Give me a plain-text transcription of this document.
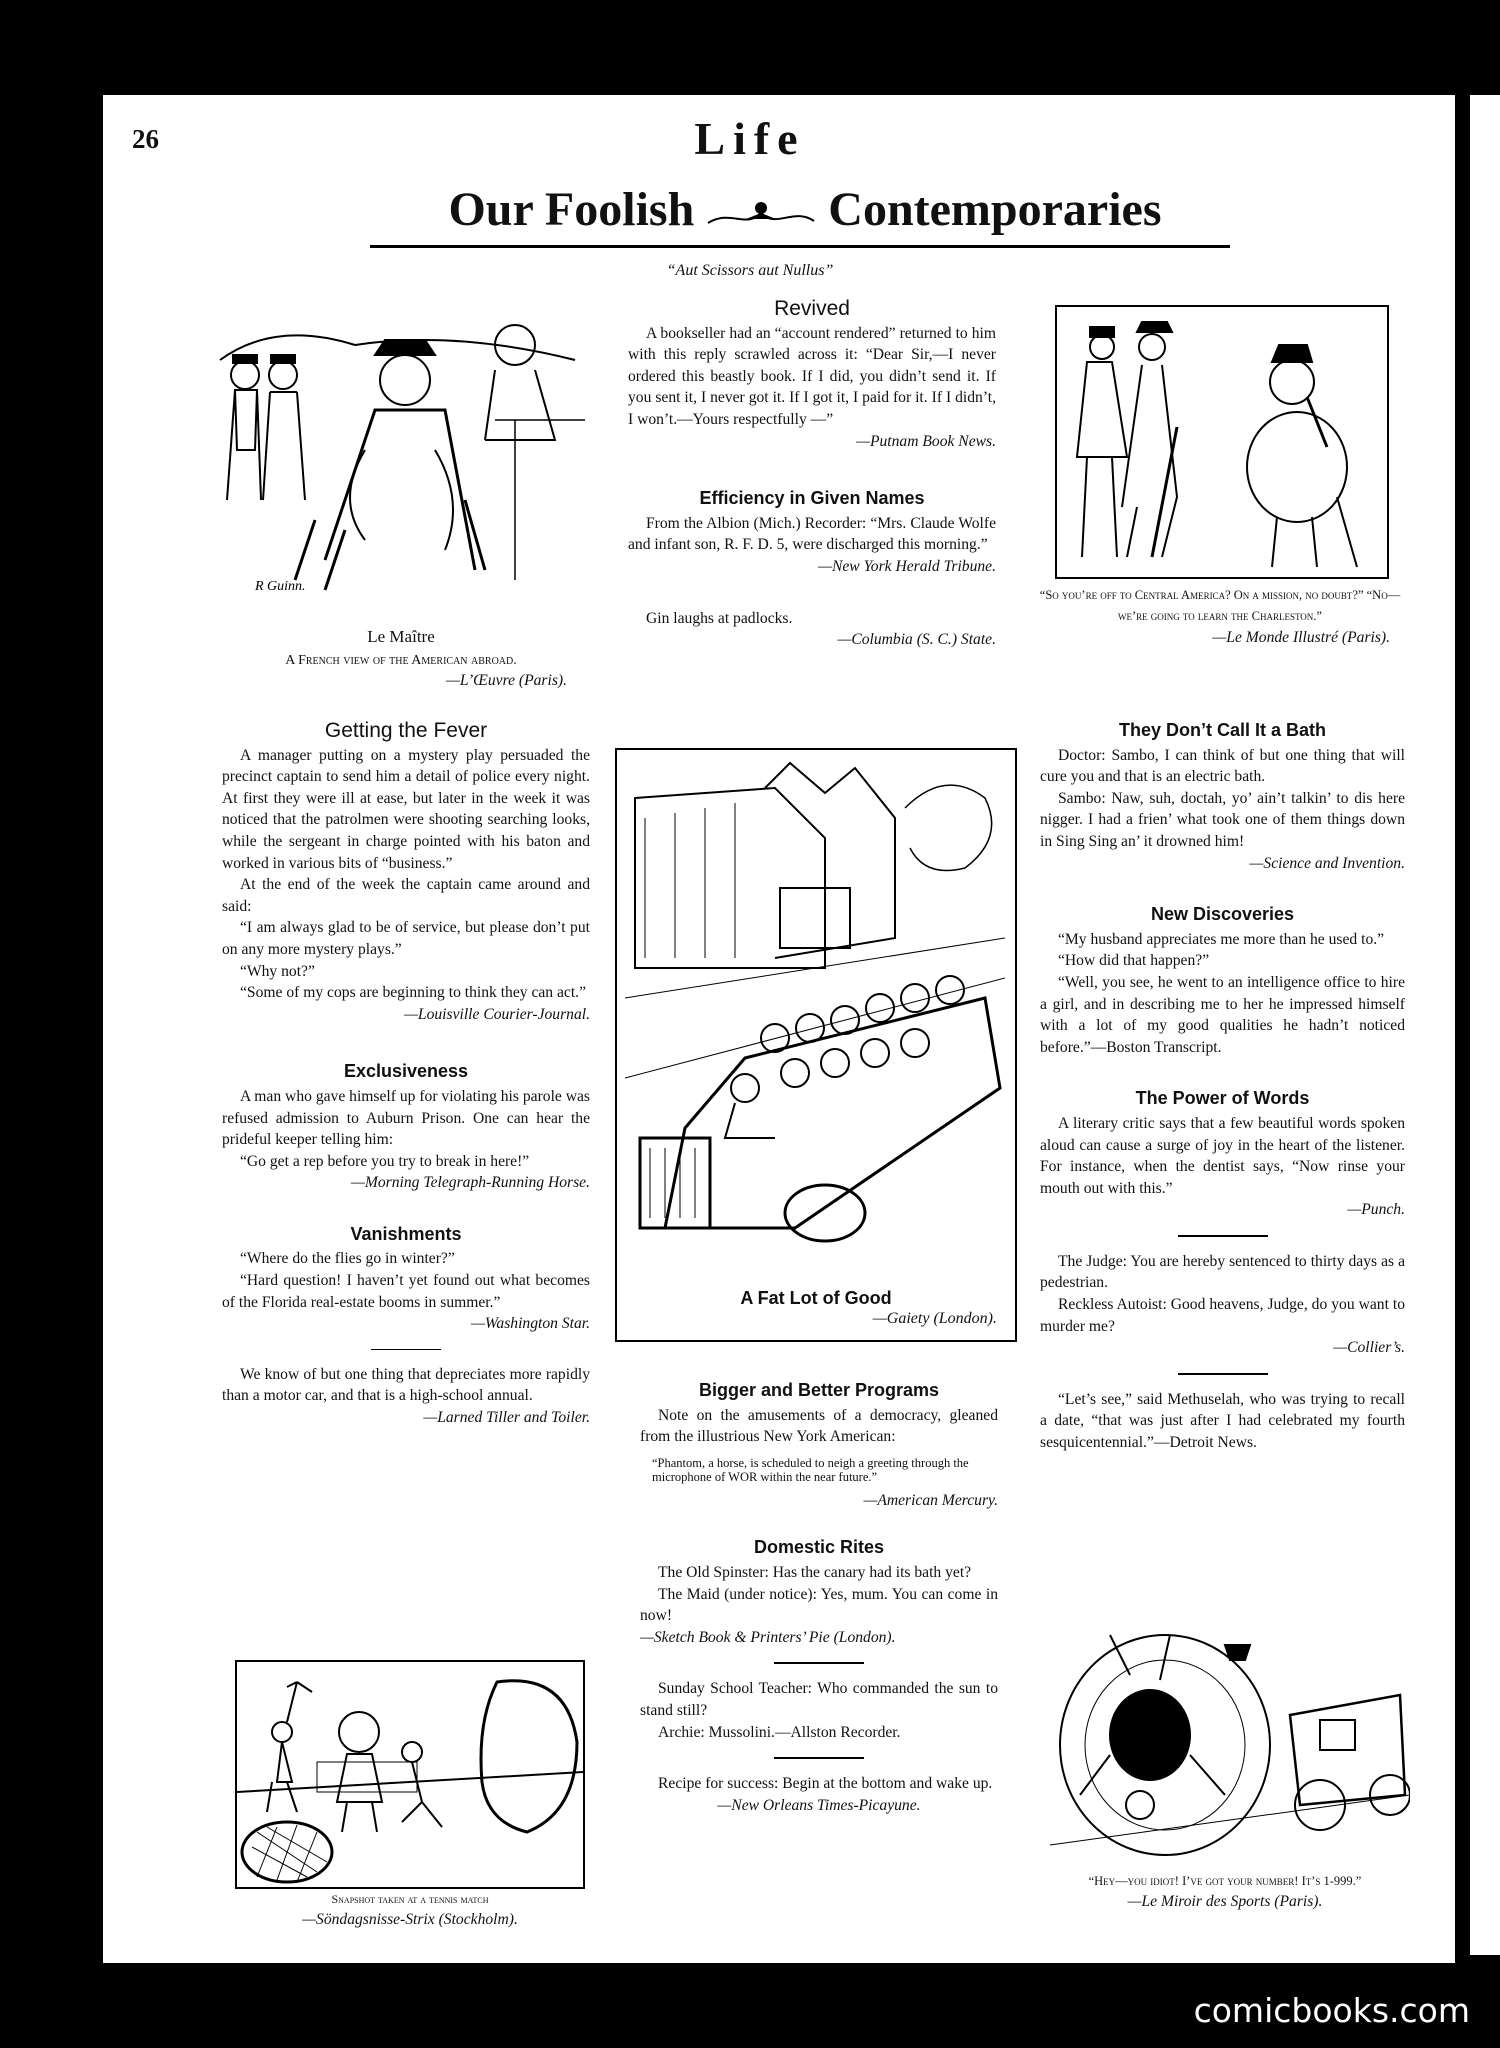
26	Life
Our Foolish	Contemporaries
“Aut Scissors aut Nullus”
R Guinn.
Le Maître
A French view of the American abroad.
—L’Œuvre (Paris).
Getting the Fever

A manager putting on a mystery play persuaded the precinct captain to send him a detail of police every night. At first they were ill at ease, but later in the week it was noticed that the patrolmen were shooting searching looks, while the sergeant in charge pointed with his baton and worked in various bits of “business.”

At the end of the week the captain came around and said:

“I am always glad to be of service, but please don’t put on any more mystery plays.”

“Why not?”

“Some of my cops are beginning to think they can act.”

—Louisville Courier-Journal.
Exclusiveness

A man who gave himself up for violating his parole was refused admission to Auburn Prison. One can hear the prideful keeper telling him:

“Go get a rep before you try to break in here!”

—Morning Telegraph-Running Horse.
Vanishments

“Where do the flies go in winter?”

“Hard question! I haven’t yet found out what becomes of the Florida real-estate booms in summer.”

—Washington Star.

We know of but one thing that depreciates more rapidly than a motor car, and that is a high-school annual.

—Larned Tiller and Toiler.
Snapshot taken at a tennis match
—Söndagsnisse-Strix (Stockholm).
Revived

A bookseller had an “account rendered” returned to him with this reply scrawled across it: “Dear Sir,—I never ordered this beastly book. If I did, you didn’t send it. If you sent it, I never got it. If I got it, I paid for it. If I didn’t, I won’t.—Yours respectfully —”

—Putnam Book News.
Efficiency in Given Names

From the Albion (Mich.) Recorder: “Mrs. Claude Wolfe and infant son, R. F. D. 5, were discharged this morning.”

—New York Herald Tribune.

Gin laughs at padlocks.

—Columbia (S. C.) State.
A Fat Lot of Good
—Gaiety (London).
Bigger and Better Programs

Note on the amusements of a democracy, gleaned from the illustrious New York American:

“Phantom, a horse, is scheduled to neigh a greeting through the microphone of WOR within the near future.”
—American Mercury.
Domestic Rites

The Old Spinster: Has the canary had its bath yet?

The Maid (under notice): Yes, mum. You can come in now!

—Sketch Book & Printers’ Pie (London).

Sunday School Teacher: Who commanded the sun to stand still?

Archie: Mussolini.—Allston Recorder.

Recipe for success: Begin at the bottom and wake up.

—New Orleans Times-Picayune.
“So you’re off to Central America? On a mission, no doubt?” “No—we’re going to learn the Charleston.”
—Le Monde Illustré (Paris).
They Don’t Call It a Bath

Doctor: Sambo, I can think of but one thing that will cure you and that is an electric bath.

Sambo: Naw, suh, doctah, yo’ ain’t talkin’ to dis here nigger. I had a frien’ what took one of them things down in Sing Sing an’ it drowned him!

—Science and Invention.
New Discoveries

“My husband appreciates me more than he used to.”

“How did that happen?”

“Well, you see, he went to an intelligence office to hire a girl, and in describing me to her he impressed himself with a lot of my good qualities he hadn’t noticed before.”—Boston Transcript.

The Power of Words

A literary critic says that a few beautiful words spoken aloud can cause a surge of joy in the heart of the listener. For instance, when the dentist says, “Now rinse your mouth out with this.”

—Punch.

The Judge: You are hereby sentenced to thirty days as a pedestrian.

Reckless Autoist: Good heavens, Judge, do you want to murder me?

—Collier’s.

“Let’s see,” said Methuselah, who was trying to recall a date, “that was just after I had celebrated my fourth sesquicentennial.”—Detroit News.

“Hey—you idiot! I’ve got your number! It’s 1-999.”
—Le Miroir des Sports (Paris).
comicbooks.com
